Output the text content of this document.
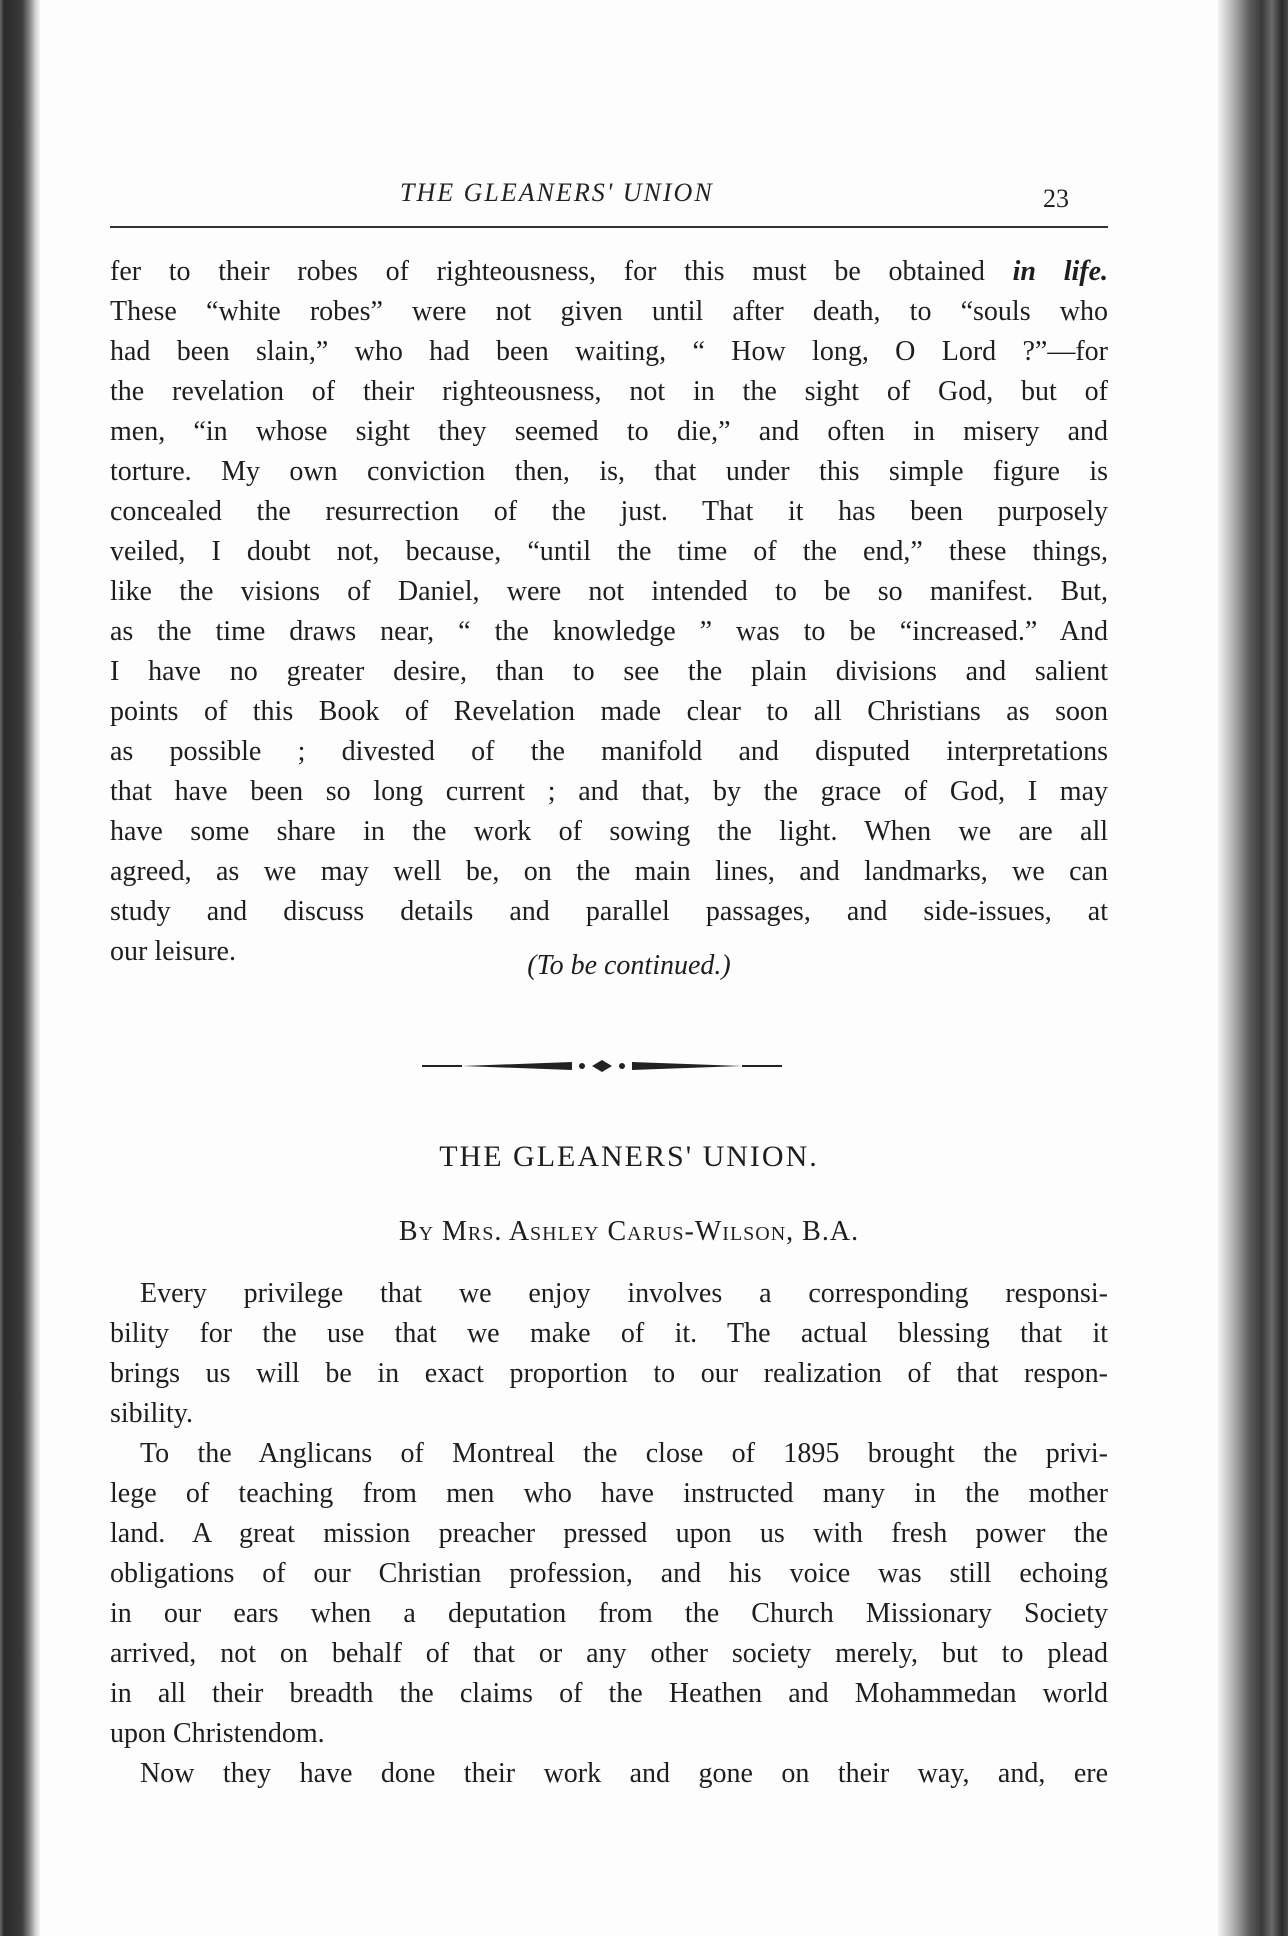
THE GLEANERS' UNION	23
fer to their robes of righteousness, for this must be obtained in life.
These “white robes” were not given until after death, to “souls who
had been slain,” who had been waiting, “ How long, O Lord ?”—for
the revelation of their righteousness, not in the sight of God, but of
men, “in whose sight they seemed to die,” and often in misery and
torture. My own conviction then, is, that under this simple figure is
concealed the resurrection of the just. That it has been purposely
veiled, I doubt not, because, “until the time of the end,” these things,
like the visions of Daniel, were not intended to be so manifest. But,
as the time draws near, “ the knowledge ” was to be “increased.” And
I have no greater desire, than to see the plain divisions and salient
points of this Book of Revelation made clear to all Christians as soon
as possible ; divested of the manifold and disputed interpretations
that have been so long current ; and that, by the grace of God, I may
have some share in the work of sowing the light. When we are all
agreed, as we may well be, on the main lines, and landmarks, we can
study and discuss details and parallel passages, and side-issues, at
our leisure.	(To be continued.)
THE GLEANERS' UNION.
By Mrs. Ashley Carus-Wilson, B.A.
Every privilege that we enjoy involves a corresponding responsi-
bility for the use that we make of it. The actual blessing that it
brings us will be in exact proportion to our realization of that respon-
sibility.
To the Anglicans of Montreal the close of 1895 brought the privi-
lege of teaching from men who have instructed many in the mother
land. A great mission preacher pressed upon us with fresh power the
obligations of our Christian profession, and his voice was still echoing
in our ears when a deputation from the Church Missionary Society
arrived, not on behalf of that or any other society merely, but to plead
in all their breadth the claims of the Heathen and Mohammedan world
upon Christendom.
Now they have done their work and gone on their way, and, ere
